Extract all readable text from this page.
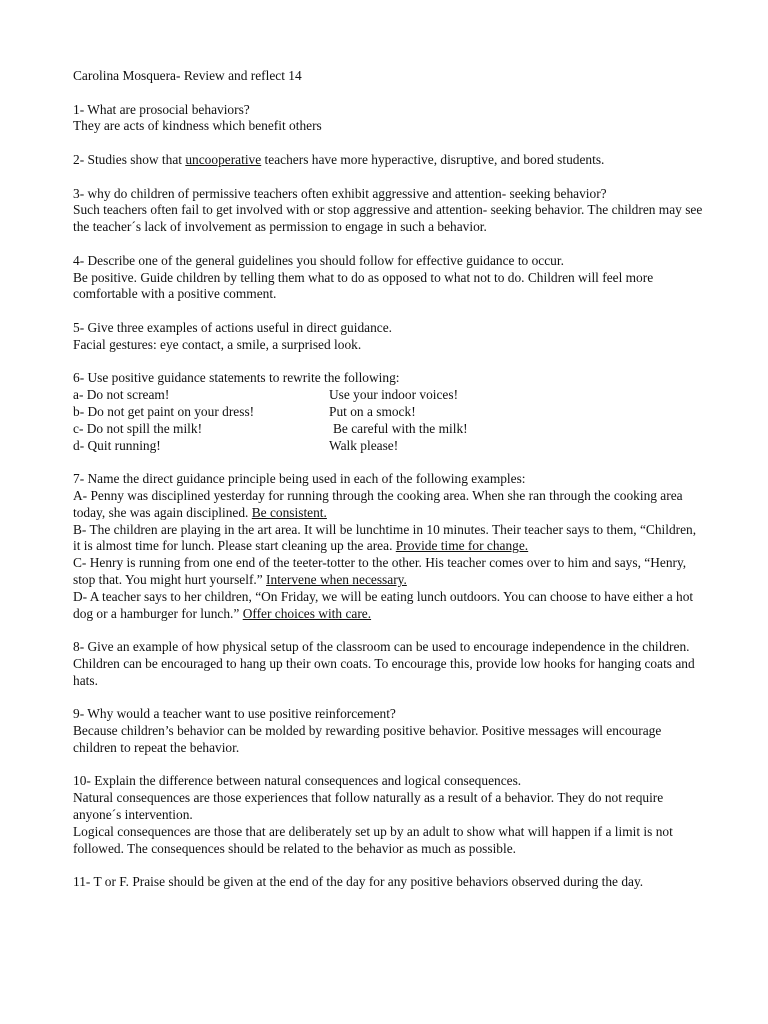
Carolina Mosquera- Review and reflect 14

1- What are prosocial behaviors?

They are acts of kindness which benefit others

2- Studies show that uncooperative teachers have more hyperactive, disruptive, and bored students.

3- why do children of permissive teachers often exhibit aggressive and attention- seeking behavior?

Such teachers often fail to get involved with or stop aggressive and attention- seeking behavior. The children may see the teacher´s lack of involvement as permission to engage in such a behavior.

4- Describe one of the general guidelines you should follow for effective guidance to occur.

Be positive. Guide children by telling them what to do as opposed to what not to do. Children will feel more comfortable with a positive comment.

5- Give three examples of actions useful in direct guidance.

Facial gestures: eye contact, a smile, a surprised look.

6- Use positive guidance statements to rewrite the following:

a- Do not scream!	Use your indoor voices!
b- Do not get paint on your dress!	Put on a smock!
c- Do not spill the milk!	Be careful with the milk!
d- Quit running!	Walk please!

7- Name the direct guidance principle being used in each of the following examples:

A- Penny was disciplined yesterday for running through the cooking area. When she ran through the cooking area today, she was again disciplined. Be consistent.

B- The children are playing in the art area. It will be lunchtime in 10 minutes. Their teacher says to them, “Children, it is almost time for lunch. Please start cleaning up the area. Provide time for change.

C- Henry is running from one end of the teeter-totter to the other. His teacher comes over to him and says, “Henry, stop that. You might hurt yourself.” Intervene when necessary.

D- A teacher says to her children, “On Friday, we will be eating lunch outdoors. You can choose to have either a hot dog or a hamburger for lunch.” Offer choices with care.

8- Give an example of how physical setup of the classroom can be used to encourage independence in the children.

Children can be encouraged to hang up their own coats. To encourage this, provide low hooks for hanging coats and hats.

9- Why would a teacher want to use positive reinforcement?

Because children’s behavior can be molded by rewarding positive behavior. Positive messages will encourage children to repeat the behavior.

10- Explain the difference between natural consequences and logical consequences.

Natural consequences are those experiences that follow naturally as a result of a behavior. They do not require anyone´s intervention.

Logical consequences are those that are deliberately set up by an adult to show what will happen if a limit is not followed. The consequences should be related to the behavior as much as possible.

11- T or F. Praise should be given at the end of the day for any positive behaviors observed during the day.
